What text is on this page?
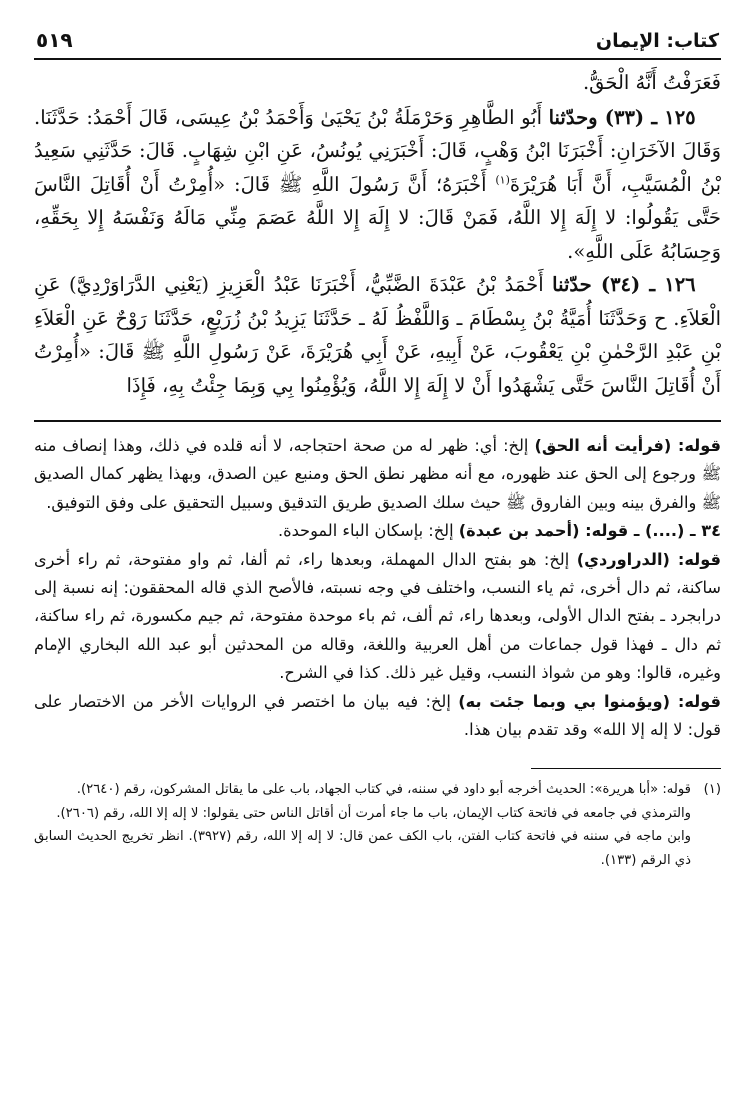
كتاب: الإيمان
٥١٩

فَعَرَفْتُ أَنَّهُ الْحَقُّ.

١٢٥ ـ (٣٣) وحدّثنا أَبُو الطَّاهِرِ وَحَرْمَلَةُ بْنُ يَحْيَىٰ وَأَحْمَدُ بْنُ عِيسَى، قَالَ أَحْمَدُ: حَدَّثَنَا. وَقَالَ الآخَرَانِ: أَخْبَرَنَا ابْنُ وَهْبٍ، قَالَ: أَخْبَرَنِي يُونُسُ، عَنِ ابْنِ شِهَابٍ. قَالَ: حَدَّثَنِي سَعِيدُ بْنُ الْمُسَيَّبِ، أَنَّ أَبَا هُرَيْرَةَ$^{(١)}$ أَخْبَرَهُ؛ أَنَّ رَسُولَ اللَّهِ ﷺ قَالَ: «أُمِرْتُ أَنْ أُقَاتِلَ النَّاسَ حَتَّى يَقُولُوا: لا إِلَهَ إِلا اللَّهُ، فَمَنْ قَالَ: لا إِلَهَ إِلا اللَّهُ عَصَمَ مِنِّي مَالَهُ وَنَفْسَهُ إِلا بِحَقِّهِ، وَحِسَابُهُ عَلَى اللَّهِ».

١٢٦ ـ (٣٤) حدّثنا أَحْمَدُ بْنُ عَبْدَةَ الضَّبِّيُّ، أَخْبَرَنَا عَبْدُ الْعَزِيزِ (يَعْنِي الدَّرَاوَرْدِيَّ) عَنِ الْعَلاَءِ. ح وَحَدَّثَنَا أُمَيَّةُ بْنُ بِسْطَامَ ـ وَاللَّفْظُ لَهُ ـ حَدَّثَنَا يَزِيدُ بْنُ زُرَيْعٍ، حَدَّثَنَا رَوْحٌ عَنِ الْعَلاَءِ بْنِ عَبْدِ الرَّحْمٰنِ بْنِ يَعْقُوبَ، عَنْ أَبِيهِ، عَنْ أَبِي هُرَيْرَةَ، عَنْ رَسُولِ اللَّهِ ﷺ قَالَ: «أُمِرْتُ أَنْ أُقَاتِلَ النَّاسَ حَتَّى يَشْهَدُوا أَنْ لا إِلَهَ إِلا اللَّهُ، وَيُؤْمِنُوا بِي وَبِمَا جِئْتُ بِهِ، فَإِذَا

قوله: (فرأيت أنه الحق) إلخ: أي: ظهر له من صحة احتجاجه، لا أنه قلده في ذلك، وهذا إنصاف منه ﷺ ورجوع إلى الحق عند ظهوره، مع أنه مظهر نطق الحق ومنبع عين الصدق، وبهذا يظهر كمال الصديق ﷺ والفرق بينه وبين الفاروق ﷺ حيث سلك الصديق طريق التدقيق وسبيل التحقيق على وفق التوفيق.

٣٤ ـ (....) ـ قوله: (أحمد بن عبدة) إلخ: بإسكان الباء الموحدة.

قوله: (الدراوردي) إلخ: هو بفتح الدال المهملة، وبعدها راء، ثم ألفا، ثم واو مفتوحة، ثم راء أخرى ساكنة، ثم دال أخرى، ثم ياء النسب، واختلف في وجه نسبته، فالأصح الذي قاله المحققون: إنه نسبة إلى درابجرد ـ بفتح الدال الأولى، وبعدها راء، ثم ألف، ثم باء موحدة مفتوحة، ثم جيم مكسورة، ثم راء ساكنة، ثم دال ـ فهذا قول جماعات من أهل العربية واللغة، وقاله من المحدثين أبو عبد الله البخاري الإمام وغيره، قالوا: وهو من شواذ النسب، وقيل غير ذلك. كذا في الشرح.

قوله: (ويؤمنوا بي وبما جئت به) إلخ: فيه بيان ما اختصر في الروايات الأخر من الاختصار على قول: لا إله إلا الله» وقد تقدم بيان هذا.

(١)
قوله: «أبا هريرة»: الحديث أخرجه أبو داود في سننه، في كتاب الجهاد، باب على ما يقاتل المشركون، رقم (٢٦٤٠).

والترمذي في جامعه في فاتحة كتاب الإيمان، باب ما جاء أمرت أن أقاتل الناس حتى يقولوا: لا إله إلا الله، رقم (٢٦٠٦).

وابن ماجه في سننه في فاتحة كتاب الفتن، باب الكف عمن قال: لا إله إلا الله، رقم (٣٩٢٧). انظر تخريج الحديث السابق ذي الرقم (١٣٣).
